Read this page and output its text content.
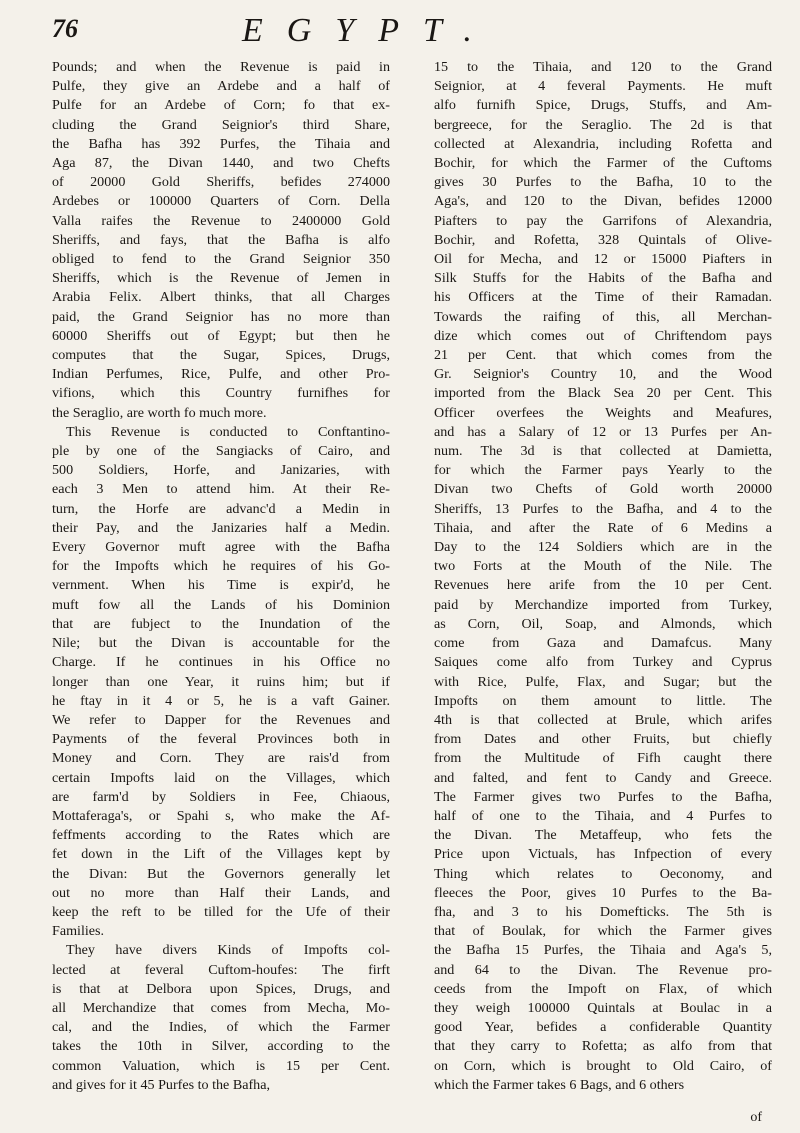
76	EGYPT.
Pounds; and when the Revenue is paid in
Pulfe, they give an Ardebe and a half of
Pulfe for an Ardebe of Corn; fo that ex-
cluding the Grand Seignior's third Share,
the Bafha has 392 Purfes, the Tihaia and
Aga 87, the Divan 1440, and two Chefts
of 20000 Gold Sheriffs, befides 274000
Ardebes or 100000 Quarters of Corn. Della
Valla raifes the Revenue to 2400000 Gold
Sheriffs, and fays, that the Bafha is alfo
obliged to fend to the Grand Seignior 350
Sheriffs, which is the Revenue of Jemen in
Arabia Felix. Albert thinks, that all Charges
paid, the Grand Seignior has no more than
60000 Sheriffs out of Egypt; but then he
computes that the Sugar, Spices, Drugs,
Indian Perfumes, Rice, Pulfe, and other Pro-
vifions, which this Country furnifhes for
the Seraglio, are worth fo much more.
This Revenue is conducted to Conftantino-
ple by one of the Sangiacks of Cairo, and
500 Soldiers, Horfe, and Janizaries, with
each 3 Men to attend him. At their Re-
turn, the Horfe are advanc'd a Medin in
their Pay, and the Janizaries half a Medin.
Every Governor muft agree with the Bafha
for the Impofts which he requires of his Go-
vernment. When his Time is expir'd, he
muft fow all the Lands of his Dominion
that are fubject to the Inundation of the
Nile; but the Divan is accountable for the
Charge. If he continues in his Office no
longer than one Year, it ruins him; but if
he ftay in it 4 or 5, he is a vaft Gainer.
We refer to Dapper for the Revenues and
Payments of the feveral Provinces both in
Money and Corn. They are rais'd from
certain Impofts laid on the Villages, which
are farm'd by Soldiers in Fee, Chiaous,
Mottaferaga's, or Spahi s, who make the Af-
feffments according to the Rates which are
fet down in the Lift of the Villages kept by
the Divan: But the Governors generally let
out no more than Half their Lands, and
keep the reft to be tilled for the Ufe of their
Families.
They have divers Kinds of Impofts col-
lected at feveral Cuftom-houfes: The firft
is that at Delbora upon Spices, Drugs, and
all Merchandize that comes from Mecha, Mo-
cal, and the Indies, of which the Farmer
takes the 10th in Silver, according to the
common Valuation, which is 15 per Cent.
and gives for it 45 Purfes to the Bafha,
15 to the Tihaia, and 120 to the Grand
Seignior, at 4 feveral Payments. He muft
alfo furnifh Spice, Drugs, Stuffs, and Am-
bergreece, for the Seraglio. The 2d is that
collected at Alexandria, including Rofetta and
Bochir, for which the Farmer of the Cuftoms
gives 30 Purfes to the Bafha, 10 to the
Aga's, and 120 to the Divan, befides 12000
Piafters to pay the Garrifons of Alexandria,
Bochir, and Rofetta, 328 Quintals of Olive-
Oil for Mecha, and 12 or 15000 Piafters in
Silk Stuffs for the Habits of the Bafha and
his Officers at the Time of their Ramadan.
Towards the raifing of this, all Merchan-
dize which comes out of Chriftendom pays
21 per Cent. that which comes from the
Gr. Seignior's Country 10, and the Wood
imported from the Black Sea 20 per Cent. This
Officer overfees the Weights and Meafures,
and has a Salary of 12 or 13 Purfes per An-
num. The 3d is that collected at Damietta,
for which the Farmer pays Yearly to the
Divan two Chefts of Gold worth 20000
Sheriffs, 13 Purfes to the Bafha, and 4 to the
Tihaia, and after the Rate of 6 Medins a
Day to the 124 Soldiers which are in the
two Forts at the Mouth of the Nile. The
Revenues here arife from the 10 per Cent.
paid by Merchandize imported from Turkey,
as Corn, Oil, Soap, and Almonds, which
come from Gaza and Damafcus. Many
Saiques come alfo from Turkey and Cyprus
with Rice, Pulfe, Flax, and Sugar; but the
Impofts on them amount to little. The
4th is that collected at Brule, which arifes
from Dates and other Fruits, but chiefly
from the Multitude of Fifh caught there
and falted, and fent to Candy and Greece.
The Farmer gives two Purfes to the Bafha,
half of one to the Tihaia, and 4 Purfes to
the Divan. The Metaffeup, who fets the
Price upon Victuals, has Infpection of every
Thing which relates to Oeconomy, and
fleeces the Poor, gives 10 Purfes to the Ba-
fha, and 3 to his Domefticks. The 5th is
that of Boulak, for which the Farmer gives
the Bafha 15 Purfes, the Tihaia and Aga's 5,
and 64 to the Divan. The Revenue pro-
ceeds from the Impoft on Flax, of which
they weigh 100000 Quintals at Boulac in a
good Year, befides a confiderable Quantity
that they carry to Rofetta; as alfo from that
on Corn, which is brought to Old Cairo, of
which the Farmer takes 6 Bags, and 6 others
of
